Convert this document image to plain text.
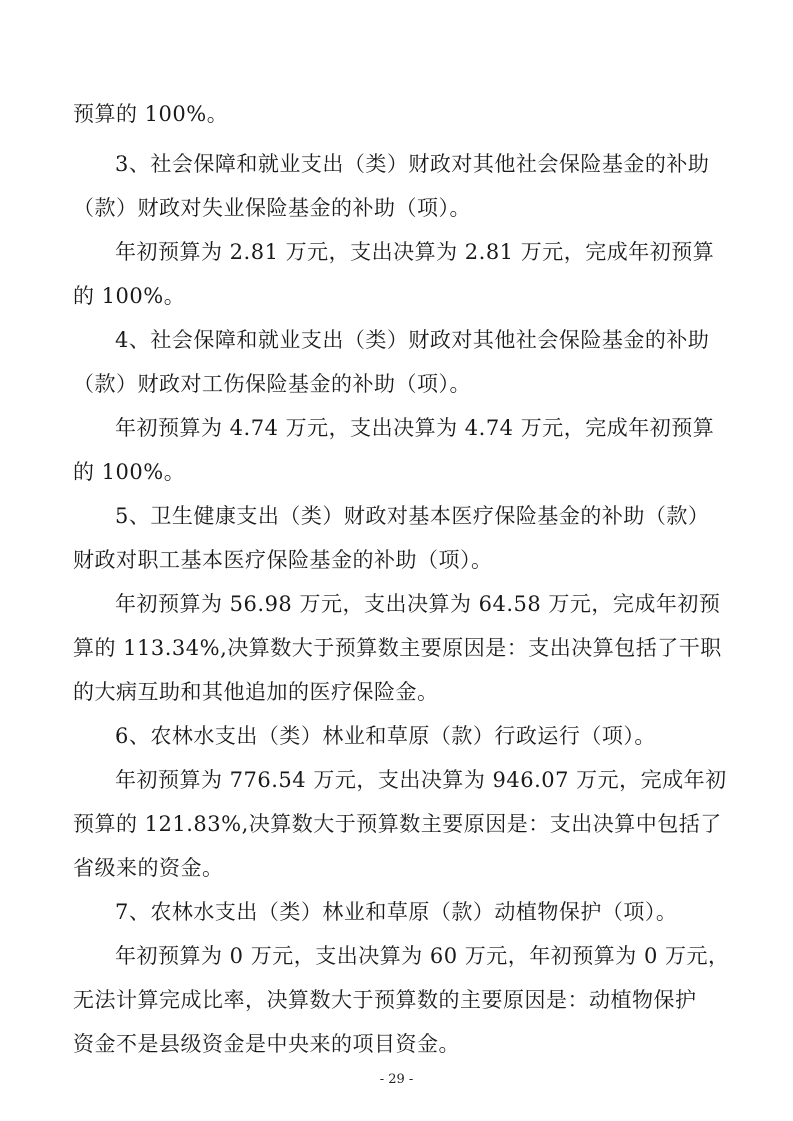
预算的 100%。
3、社会保障和就业支出（类）财政对其他社会保险基金的补助
（款）财政对失业保险基金的补助（项）。
年初预算为 2.81 万元，支出决算为 2.81 万元，完成年初预算
的 100%。
4、社会保障和就业支出（类）财政对其他社会保险基金的补助
（款）财政对工伤保险基金的补助（项）。
年初预算为 4.74 万元，支出决算为 4.74 万元，完成年初预算
的 100%。
5、卫生健康支出（类）财政对基本医疗保险基金的补助（款）
财政对职工基本医疗保险基金的补助（项）。
年初预算为 56.98 万元，支出决算为 64.58 万元，完成年初预
算的 113.34%,决算数大于预算数主要原因是：支出决算包括了干职
的大病互助和其他追加的医疗保险金。
6、农林水支出（类）林业和草原（款）行政运行（项）。
年初预算为 776.54 万元，支出决算为 946.07 万元，完成年初
预算的 121.83%,决算数大于预算数主要原因是：支出决算中包括了
省级来的资金。
7、农林水支出（类）林业和草原（款）动植物保护（项）。
年初预算为 0 万元，支出决算为 60 万元，年初预算为 0 万元，
无法计算完成比率，决算数大于预算数的主要原因是：动植物保护
资金不是县级资金是中央来的项目资金。
- 29 -
